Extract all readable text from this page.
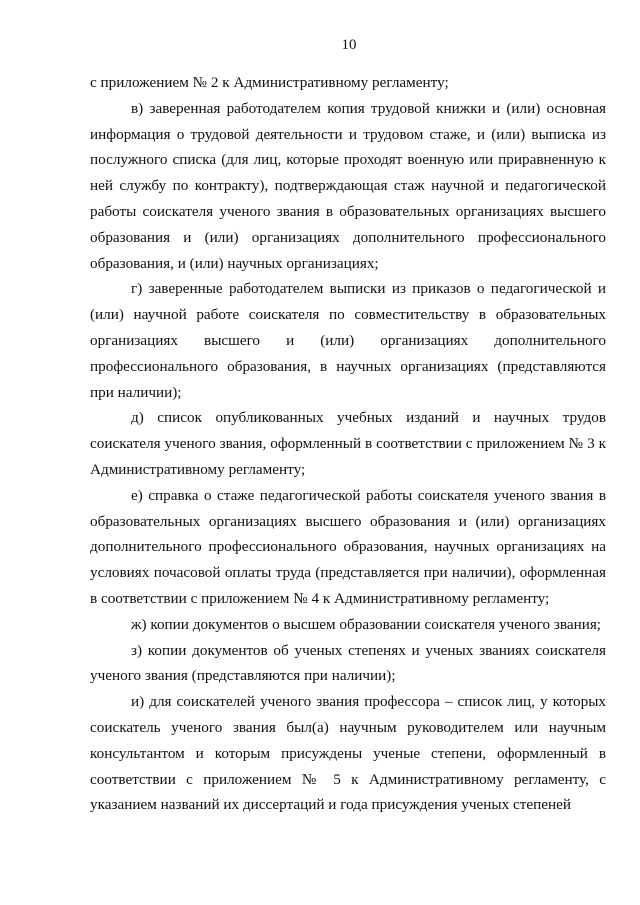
10

с приложением № 2 к Административному регламенту;

в) заверенная работодателем копия трудовой книжки и (или) основная информация о трудовой деятельности и трудовом стаже, и (или) выписка из послужного списка (для лиц, которые проходят военную или приравненную к ней службу по контракту), подтверждающая стаж научной и педагогической работы соискателя ученого звания в образовательных организациях высшего образования и (или) организациях дополнительного профессионального образования, и (или) научных организациях;

г) заверенные работодателем выписки из приказов о педагогической и (или) научной работе соискателя по совместительству в образовательных организациях высшего и (или) организациях дополнительного профессионального образования, в научных организациях (представляются при наличии);

д) список опубликованных учебных изданий и научных трудов соискателя ученого звания, оформленный в соответствии с приложением № 3 к Административному регламенту;

е) справка о стаже педагогической работы соискателя ученого звания в образовательных организациях высшего образования и (или) организациях дополнительного профессионального образования, научных организациях на условиях почасовой оплаты труда (представляется при наличии), оформленная в соответствии с приложением № 4 к Административному регламенту;

ж) копии документов о высшем образовании соискателя ученого звания;

з) копии документов об ученых степенях и ученых званиях соискателя ученого звания (представляются при наличии);

и) для соискателей ученого звания профессора – список лиц, у которых соискатель ученого звания был(а) научным руководителем или научным консультантом и которым присуждены ученые степени, оформленный в соответствии с приложением № 5 к Административному регламенту, с указанием названий их диссертаций и года присуждения ученых степеней
